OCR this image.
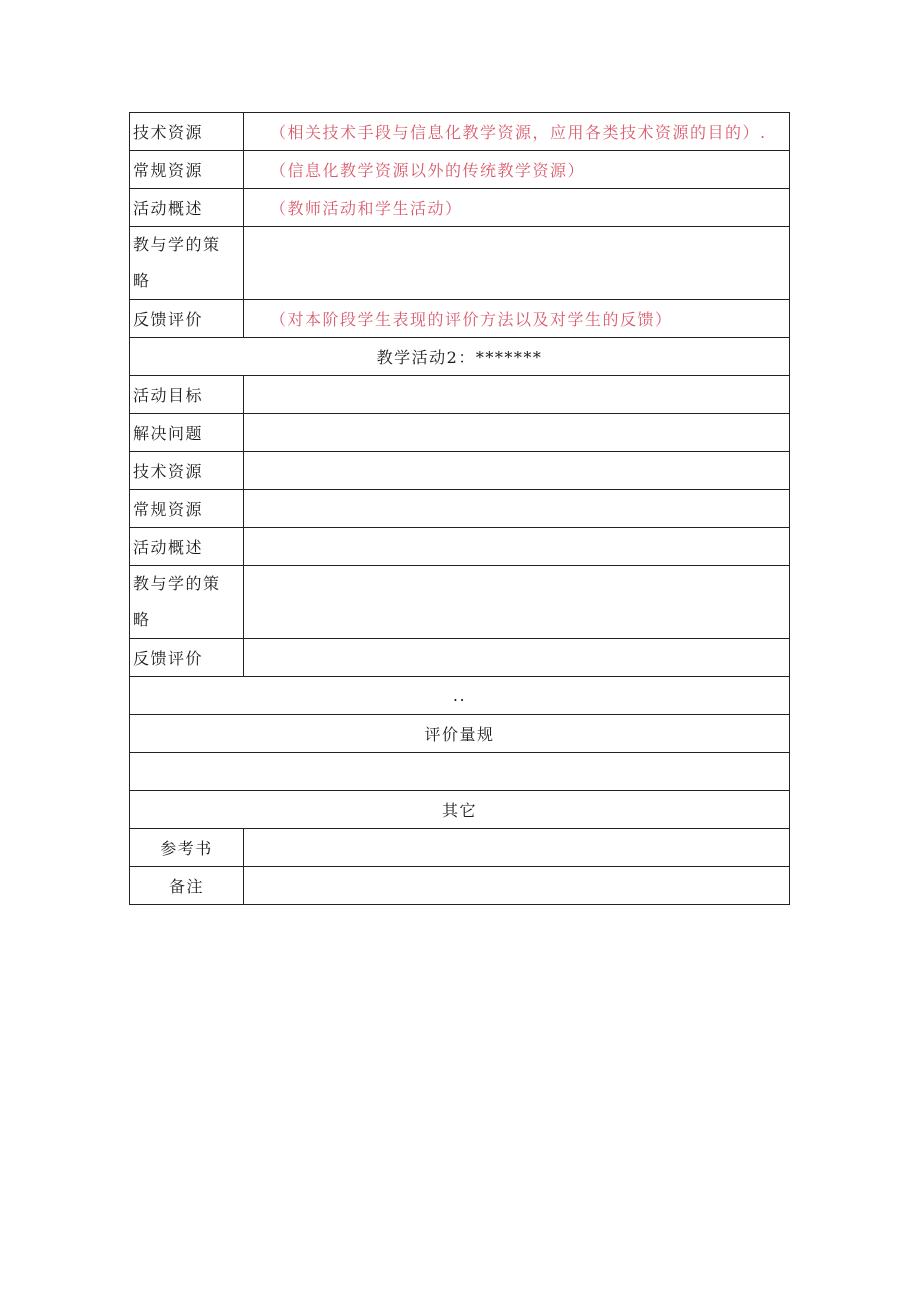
技术资源	（相关技术手段与信息化教学资源，应用各类技术资源的目的）.
常规资源	（信息化教学资源以外的传统教学资源）
活动概述	（教师活动和学生活动）
教与学的策
略	
反馈评价	（对本阶段学生表现的评价方法以及对学生的反馈）
教学活动2：*******	
活动目标	
解决问题	
技术资源	
常规资源	
活动概述	
教与学的策
略	
反馈评价	
..	
评价量规	

其它	
参考书	
备注	
